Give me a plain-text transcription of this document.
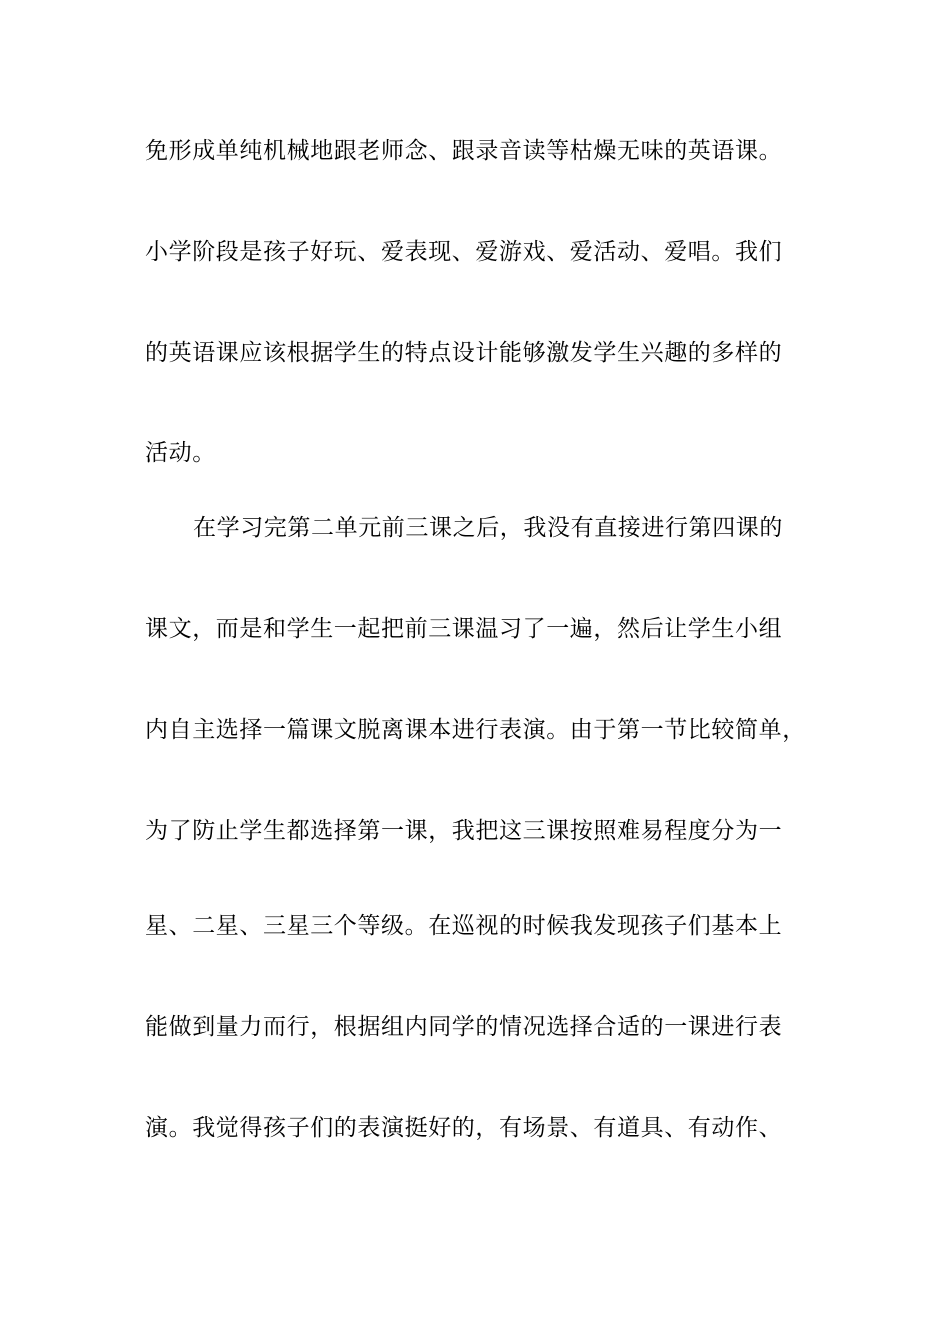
免形成单纯机械地跟老师念、跟录音读等枯燥无味的英语课。
小学阶段是孩子好玩、爱表现、爱游戏、爱活动、爱唱。我们
的英语课应该根据学生的特点设计能够激发学生兴趣的多样的
活动。
在学习完第二单元前三课之后，我没有直接进行第四课的
课文，而是和学生一起把前三课温习了一遍，然后让学生小组
内自主选择一篇课文脱离课本进行表演。由于第一节比较简单，
为了防止学生都选择第一课，我把这三课按照难易程度分为一
星、二星、三星三个等级。在巡视的时候我发现孩子们基本上
能做到量力而行，根据组内同学的情况选择合适的一课进行表
演。我觉得孩子们的表演挺好的，有场景、有道具、有动作、
